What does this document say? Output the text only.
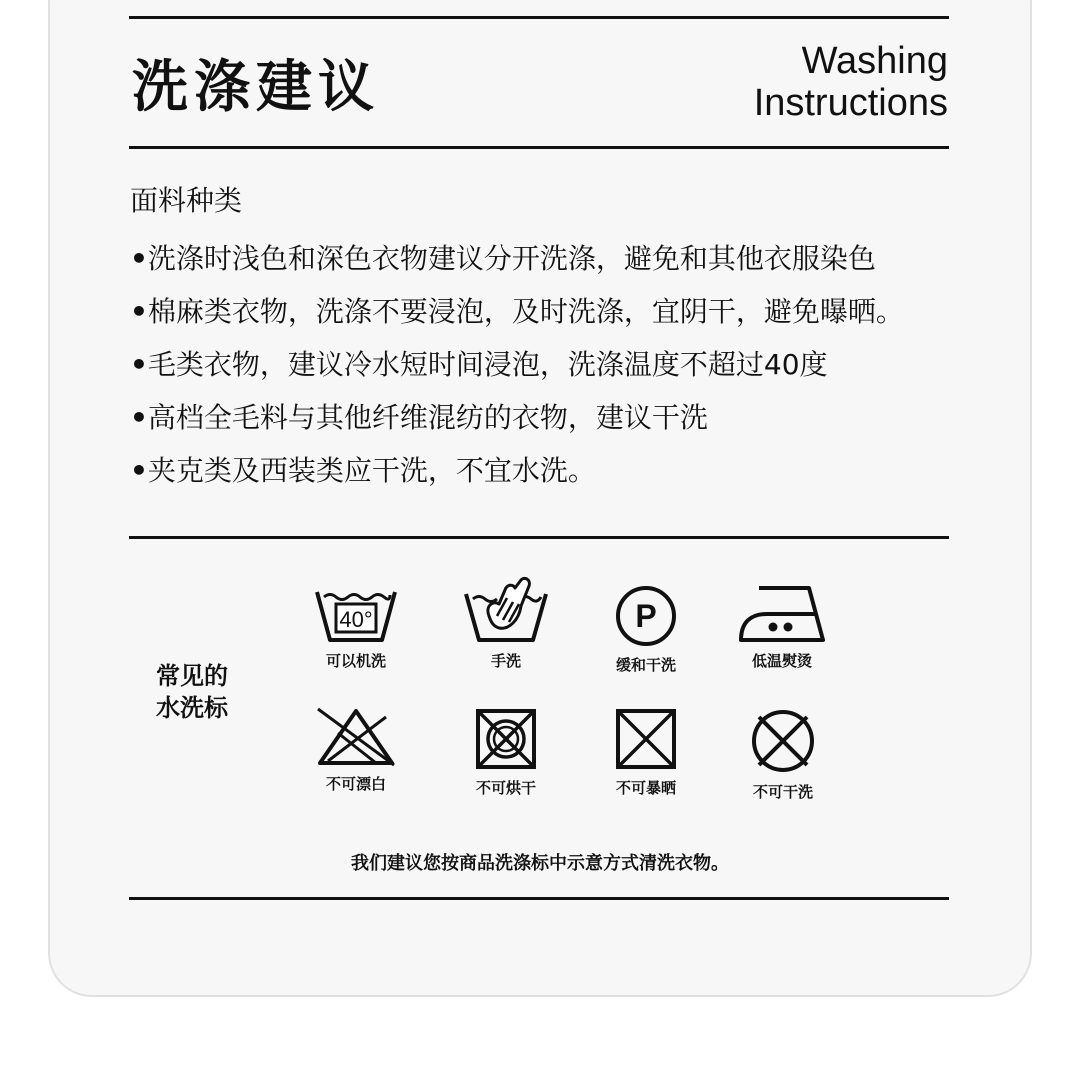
洗涤建议	Washing
Instructions
面料种类
•洗涤时浅色和深色衣物建议分开洗涤，避免和其他衣服染色
•棉麻类衣物，洗涤不要浸泡，及时洗涤，宜阴干，避免曝晒。
•毛类衣物，建议冷水短时间浸泡，洗涤温度不超过40度
•高档全毛料与其他纤维混纺的衣物，建议干洗
•夹克类及西装类应干洗，不宜水洗。
常见的
水洗标
40°
可以机洗	手洗
P
缓和干洗	低温熨烫
不可漂白	不可烘干	不可暴晒	不可干洗
我们建议您按商品洗涤标中示意方式清洗衣物。
